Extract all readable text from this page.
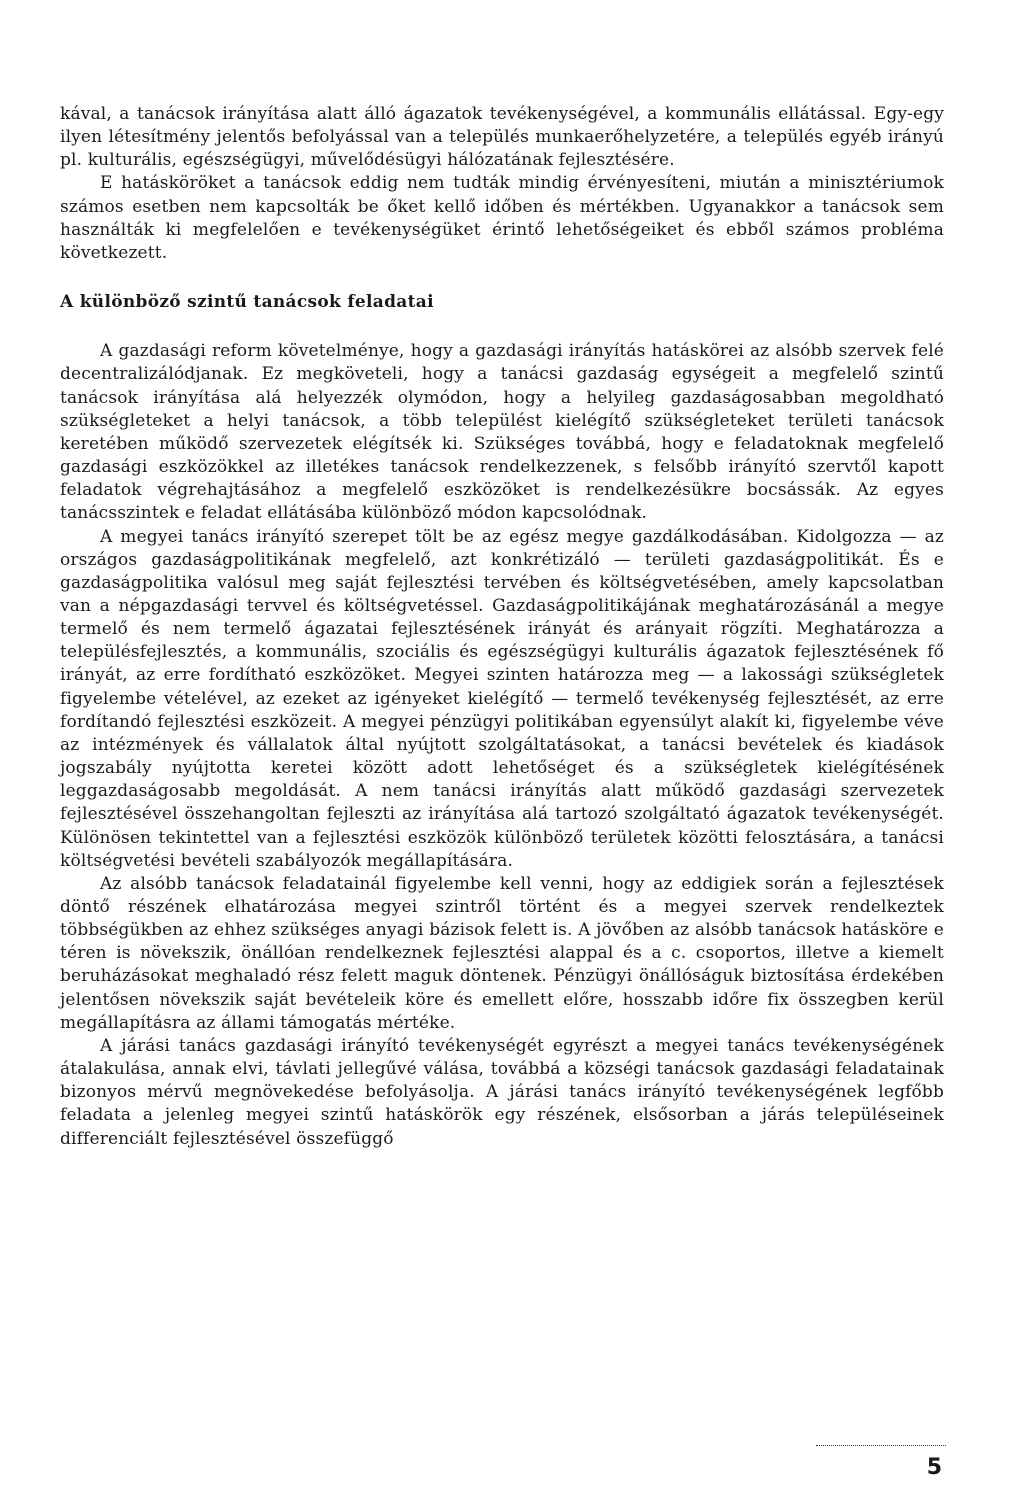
kával, a tanácsok irányítása alatt álló ágazatok tevékenységével, a kommunális ellátással. Egy-egy ilyen létesítmény jelentős befolyással van a település munkaerőhelyzetére, a település egyéb irányú pl. kulturális, egészségügyi, művelődésügyi hálózatának fejlesztésére.

E hatásköröket a tanácsok eddig nem tudták mindig érvényesíteni, miután a minisztériumok számos esetben nem kapcsolták be őket kellő időben és mértékben. Ugyanakkor a tanácsok sem használták ki megfelelően e tevékenységüket érintő lehetőségeiket és ebből számos probléma következett.

A különböző szintű tanácsok feladatai

A gazdasági reform követelménye, hogy a gazdasági irányítás hatáskörei az alsóbb szervek felé decentralizálódjanak. Ez megköveteli, hogy a tanácsi gazdaság egységeit a megfelelő szintű tanácsok irányítása alá helyezzék olymódon, hogy a helyileg gazdaságosabban megoldható szükségleteket a helyi tanácsok, a több települést kielégítő szükségleteket területi tanácsok keretében működő szervezetek elégítsék ki. Szükséges továbbá, hogy e feladatoknak megfelelő gazdasági eszközökkel az illetékes tanácsok rendelkezzenek, s felsőbb irányító szervtől kapott feladatok végrehajtásához a megfelelő eszközöket is rendelkezésükre bocsássák. Az egyes tanácsszintek e feladat ellátásába különböző módon kapcsolódnak.

A megyei tanács irányító szerepet tölt be az egész megye gazdálkodásában. Kidolgozza — az országos gazdaságpolitikának megfelelő, azt konkrétizáló — területi gazdaságpolitikát. És e gazdaságpolitika valósul meg saját fejlesztési tervében és költségvetésében, amely kapcsolatban van a népgazdasági tervvel és költségvetéssel. Gazdaságpolitikájának meghatározásánál a megye termelő és nem termelő ágazatai fejlesztésének irányát és arányait rögzíti. Meghatározza a településfejlesztés, a kommunális, szociális és egészségügyi kulturális ágazatok fejlesztésének fő irányát, az erre fordítható eszközöket. Megyei szinten határozza meg — a lakossági szükségletek figyelembe vételével, az ezeket az igényeket kielégítő — termelő tevékenység fejlesztését, az erre fordítandó fejlesztési eszközeit. A megyei pénzügyi politikában egyensúlyt alakít ki, figyelembe véve az intézmények és vállalatok által nyújtott szolgáltatásokat, a tanácsi bevételek és kiadások jogszabály nyújtotta keretei között adott lehetőséget és a szükségletek kielégítésének leggazdaságosabb megoldását. A nem tanácsi irányítás alatt működő gazdasági szervezetek fejlesztésével összehangoltan fejleszti az irányítása alá tartozó szolgáltató ágazatok tevékenységét. Különösen tekintettel van a fejlesztési eszközök különböző területek közötti felosztására, a tanácsi költségvetési bevételi szabályozók megállapítására.

Az alsóbb tanácsok feladatainál figyelembe kell venni, hogy az eddigiek során a fejlesztések döntő részének elhatározása megyei szintről történt és a megyei szervek rendelkeztek többségükben az ehhez szükséges anyagi bázisok felett is. A jövőben az alsóbb tanácsok hatásköre e téren is növekszik, önállóan rendelkeznek fejlesztési alappal és a c. csoportos, illetve a kiemelt beruházásokat meghaladó rész felett maguk döntenek. Pénzügyi önállóságuk biztosítása érdekében jelentősen növekszik saját bevételeik köre és emellett előre, hosszabb időre fix összegben kerül megállapításra az állami támogatás mértéke.

A járási tanács gazdasági irányító tevékenységét egyrészt a megyei tanács tevékenységének átalakulása, annak elvi, távlati jellegűvé válása, továbbá a községi tanácsok gazdasági feladatainak bizonyos mérvű megnövekedése befolyásolja. A járási tanács irányító tevékenységének legfőbb feladata a jelenleg megyei szintű hatáskörök egy részének, elsősorban a járás településeinek differenciált fejlesztésével összefüggő

5
